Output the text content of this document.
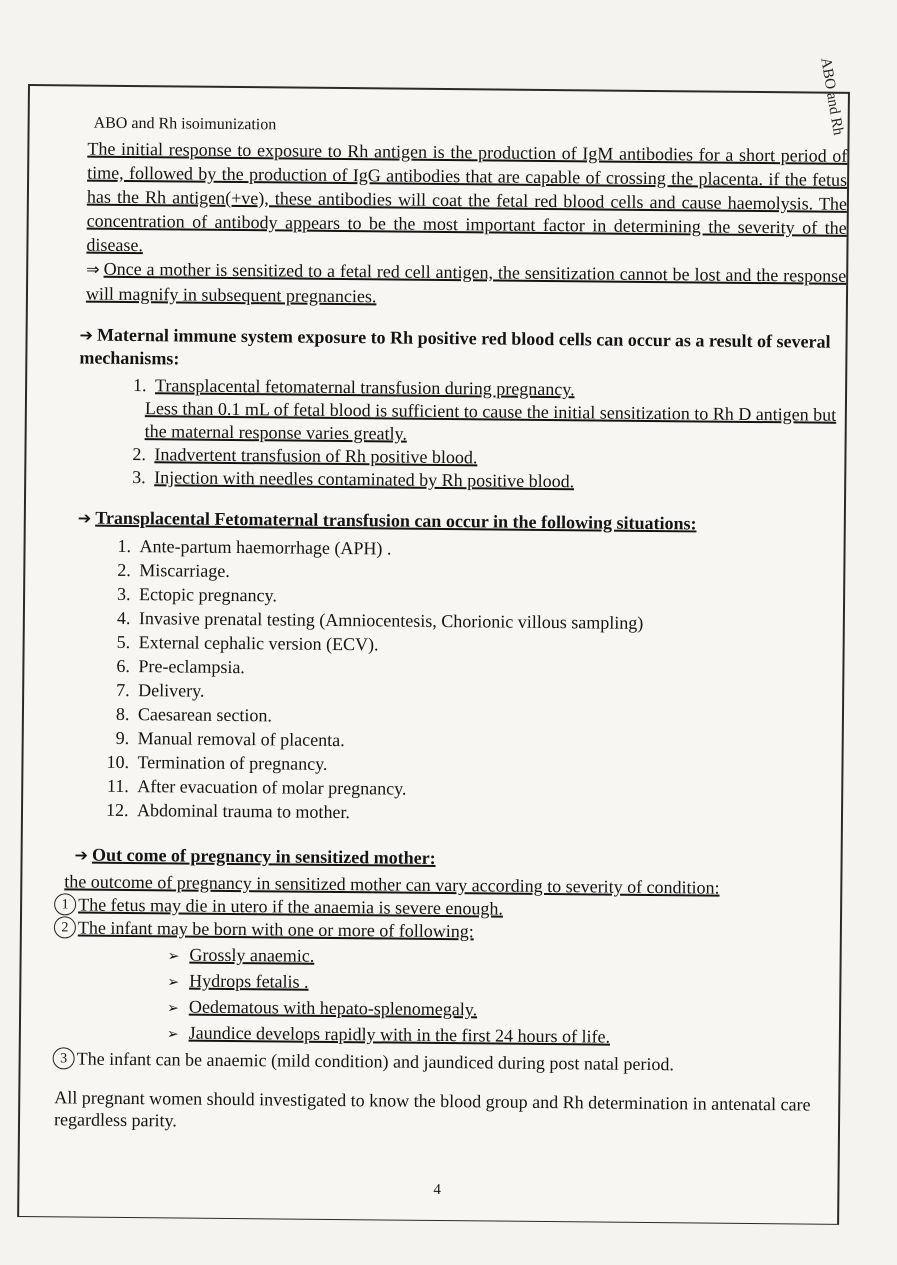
ABO and Rh
ABO and Rh isoimunization

The initial response to exposure to Rh antigen is the production of IgM antibodies for a short period of time, followed by the production of IgG antibodies that are capable of crossing the placenta. if the fetus has the Rh antigen(+ve), these antibodies will coat the fetal red blood cells and cause haemolysis. The concentration of antibody appears to be the most important factor in determining the severity of the disease.

⇒ Once a mother is sensitized to a fetal red cell antigen, the sensitization cannot be lost and the response will magnify in subsequent pregnancies.

➔ Maternal immune system exposure to Rh positive red blood cells can occur as a result of several mechanisms:
1. Transplacental fetomaternal transfusion during pregnancy.
Less than 0.1 mL of fetal blood is sufficient to cause the initial sensitization to Rh D antigen but the maternal response varies greatly.
2. Inadvertent transfusion of Rh positive blood.
3. Injection with needles contaminated by Rh positive blood.
➔ Transplacental Fetomaternal transfusion can occur in the following situations:
1. Ante-partum haemorrhage (APH) .
2. Miscarriage.
3. Ectopic pregnancy.
4. Invasive prenatal testing (Amniocentesis, Chorionic villous sampling)
5. External cephalic version (ECV).
6. Pre-eclampsia.
7. Delivery.
8. Caesarean section.
9. Manual removal of placenta.
10. Termination of pregnancy.
11. After evacuation of molar pregnancy.
12. Abdominal trauma to mother.
➔ Out come of pregnancy in sensitized mother:
the outcome of pregnancy in sensitized mother can vary according to severity of condition:
1 The fetus may die in utero if the anaemia is severe enough.
2 The infant may be born with one or more of following:
➢ Grossly anaemic.
➢ Hydrops fetalis .
➢ Oedematous with hepato-splenomegaly.
➢ Jaundice develops rapidly with in the first 24 hours of life.
3 The infant can be anaemic (mild condition) and jaundiced during post natal period.

All pregnant women should investigated to know the blood group and Rh determination in antenatal care regardless parity.

4
